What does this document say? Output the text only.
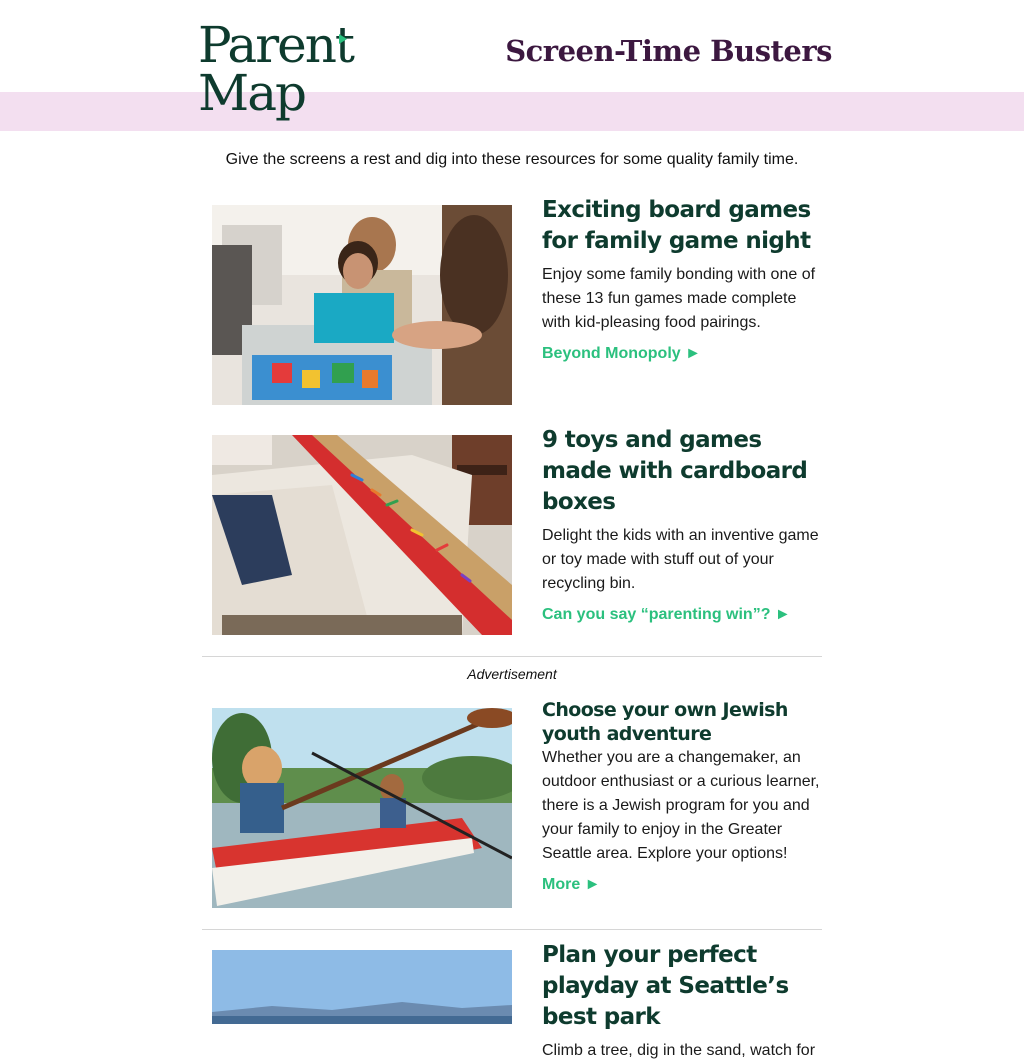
Parent
Map
Screen-Time Busters
Give the screens a rest and dig into these resources for some quality family time.
Exciting board games for family game night

Enjoy some family bonding with one of these 13 fun games made complete with kid-pleasing food pairings.

Beyond Monopoly ►
9 toys and games made with cardboard boxes

Delight the kids with an inventive game or toy made with stuff out of your recycling bin.

Can you say “parenting win”? ►
Advertisement
Choose your own Jewish youth adventure

Whether you are a changemaker, an outdoor enthusiast or a curious learner, there is a Jewish program for you and your family to enjoy in the Greater Seattle area. Explore your options!

More ►
Plan your perfect playday at Seattle’s best park

Climb a tree, dig in the sand, watch for
